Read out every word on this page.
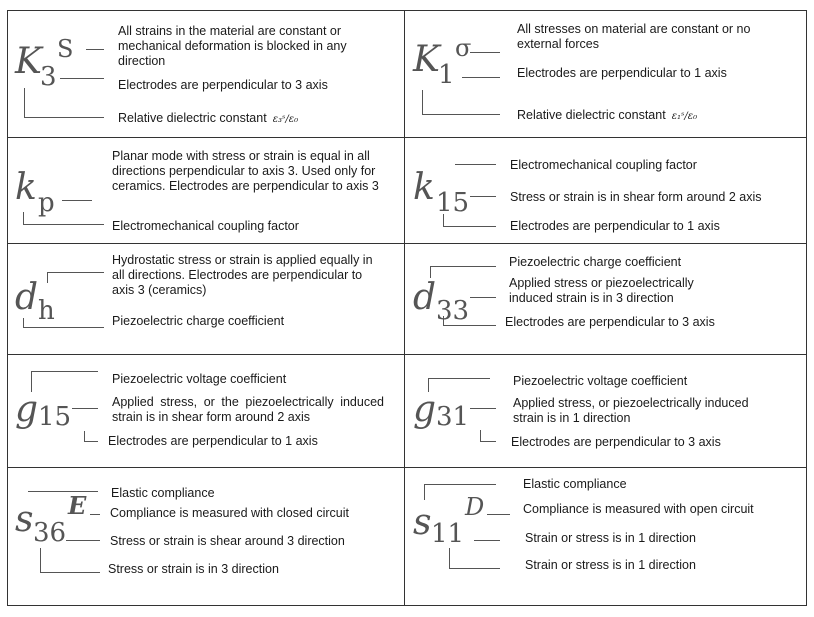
K
3
S
All strains in the material are constant or mechanical deformation is blocked in any direction
Electrodes are perpendicular to 3 axis
Relative dielectric constant ε₃ˢ/ε₀
K
1
σ
All stresses on material are constant or no external forces
Electrodes are perpendicular to 1 axis
Relative dielectric constant ε₁ˢ/ε₀
k p
Planar mode with stress or strain is equal in all directions perpendicular to axis 3. Used only for ceramics. Electrodes are perpendicular to axis 3
Electromechanical coupling factor
k 15
Electromechanical coupling factor
Stress or strain is in shear form around 2 axis
Electrodes are perpendicular to 1 axis
d h
Hydrostatic stress or strain is applied equally in all directions. Electrodes are perpendicular to axis 3 (ceramics)
Piezoelectric charge coefficient
d 33
Piezoelectric charge coefficient
Applied stress or piezoelectrically induced strain is in 3 direction
Electrodes are perpendicular to 3 axis
g 15
Piezoelectric voltage coefficient
Applied stress, or the piezoelectrically induced strain is in shear form around 2 axis
Electrodes are perpendicular to 1 axis
g 31
Piezoelectric voltage coefficient
Applied stress, or piezoelectrically induced strain is in 1 direction
Electrodes are perpendicular to 3 axis
s 36
E Elastic compliance
Compliance is measured with closed circuit
Stress or strain is shear around 3 direction
Stress or strain is in 3 direction
s 11
D
Elastic compliance
Compliance is measured with open circuit
Strain or stress is in 1 direction
Strain or stress is in 1 direction
